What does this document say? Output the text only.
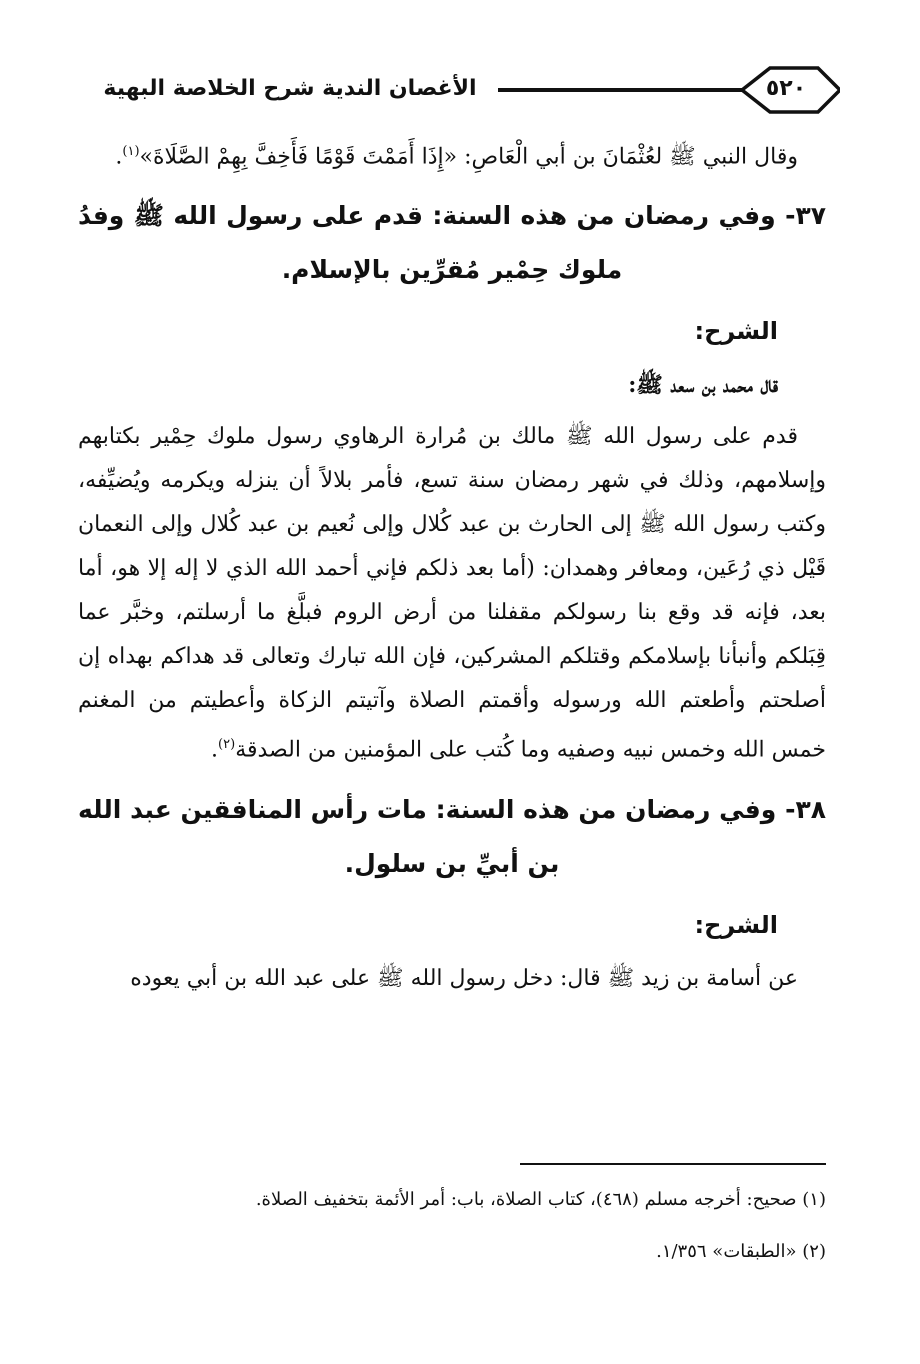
الأغصان الندية شرح الخلاصة البهية	٥٢٠

وقال النبي ﷺ لعُثْمَانَ بن أبي الْعَاصِ: «إِذَا أَمَمْتَ قَوْمًا فَأَخِفَّ بِهِمْ الصَّلَاةَ»$^{(١)}$.

٣٧- وفي رمضان من هذه السنة: قدم على رسول الله ﷺ وفدُ ملوك حِمْير مُقرِّين بالإسلام.
الشرح:
قال محمد بن سعد ﷺ:

قدم على رسول الله ﷺ مالك بن مُرارة الرهاوي رسول ملوك حِمْير بكتابهم وإسلامهم، وذلك في شهر رمضان سنة تسع، فأمر بلالاً أن ينزله ويكرمه ويُضيِّفه، وكتب رسول الله ﷺ إلى الحارث بن عبد كُلال وإلى نُعيم بن عبد كُلال وإلى النعمان قَيْل ذي رُعَين، ومعافر وهمدان: (أما بعد ذلكم فإني أحمد الله الذي لا إله إلا هو، أما بعد، فإنه قد وقع بنا رسولكم مقفلنا من أرض الروم فبلَّغ ما أرسلتم، وخبَّر عما قِبَلكم وأنبأنا بإسلامكم وقتلكم المشركين، فإن الله تبارك وتعالى قد هداكم بهداه إن أصلحتم وأطعتم الله ورسوله وأقمتم الصلاة وآتيتم الزكاة وأعطيتم من المغنم خمس الله وخمس نبيه وصفيه وما كُتب على المؤمنين من الصدقة$^{(٢)}$.

٣٨- وفي رمضان من هذه السنة: مات رأس المنافقين عبد الله بن أبيِّ بن سلول.
الشرح:

عن أسامة بن زيد ﷺ قال: دخل رسول الله ﷺ على عبد الله بن أبي يعوده

(١) صحيح: أخرجه مسلم (٤٦٨)، كتاب الصلاة، باب: أمر الأئمة بتخفيف الصلاة.

(٢) «الطبقات» ١/٣٥٦.
